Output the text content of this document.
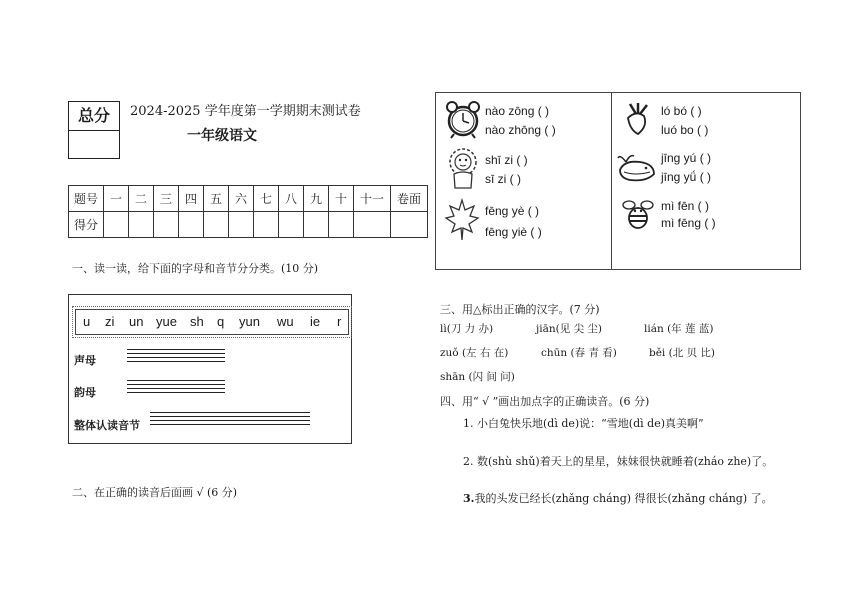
总分	2024-2025 学年度第一学期期末测试卷
一年级语文
题号	一	二	三	四	五	六	七	八	九	十	十一	卷面
得分												
一、读一读，给下面的字母和音节分分类。(10 分)
u zi un yue sh q yun wu ie r
声母
韵母
整体认读音节
二、在正确的读音后面画 √ (6 分)
nào zōng ( )
nào zhōng ( )
shī zi ( )
sī zi ( )
fēng yè ( )
fēng yiè ( )
ló bó ( )
luó bo ( )
jīng yú ( )
jīng yǘ ( )
mì fēn ( )
mì fēng ( )
三、用△标出正确的汉字。(7 分)
lì(刀 力 办)	jiān(见 尖 尘)	lián (年 莲 蓝)
zuǒ (左 右 在)	chūn (春 青 看)	běi (北 贝 比)
shān (闪 间 问)
四、用“ √ ”画出加点字的正确读音。(6 分)
1. 小白兔快乐地(dì de)说：“雪地(dì de)真美啊”
2. 数(shù shǔ)着天上的星星，妹妹很快就睡着(zháo zhe)了。
3.我的头发已经长(zhǎng cháng) 得很长(zhǎng cháng) 了。
